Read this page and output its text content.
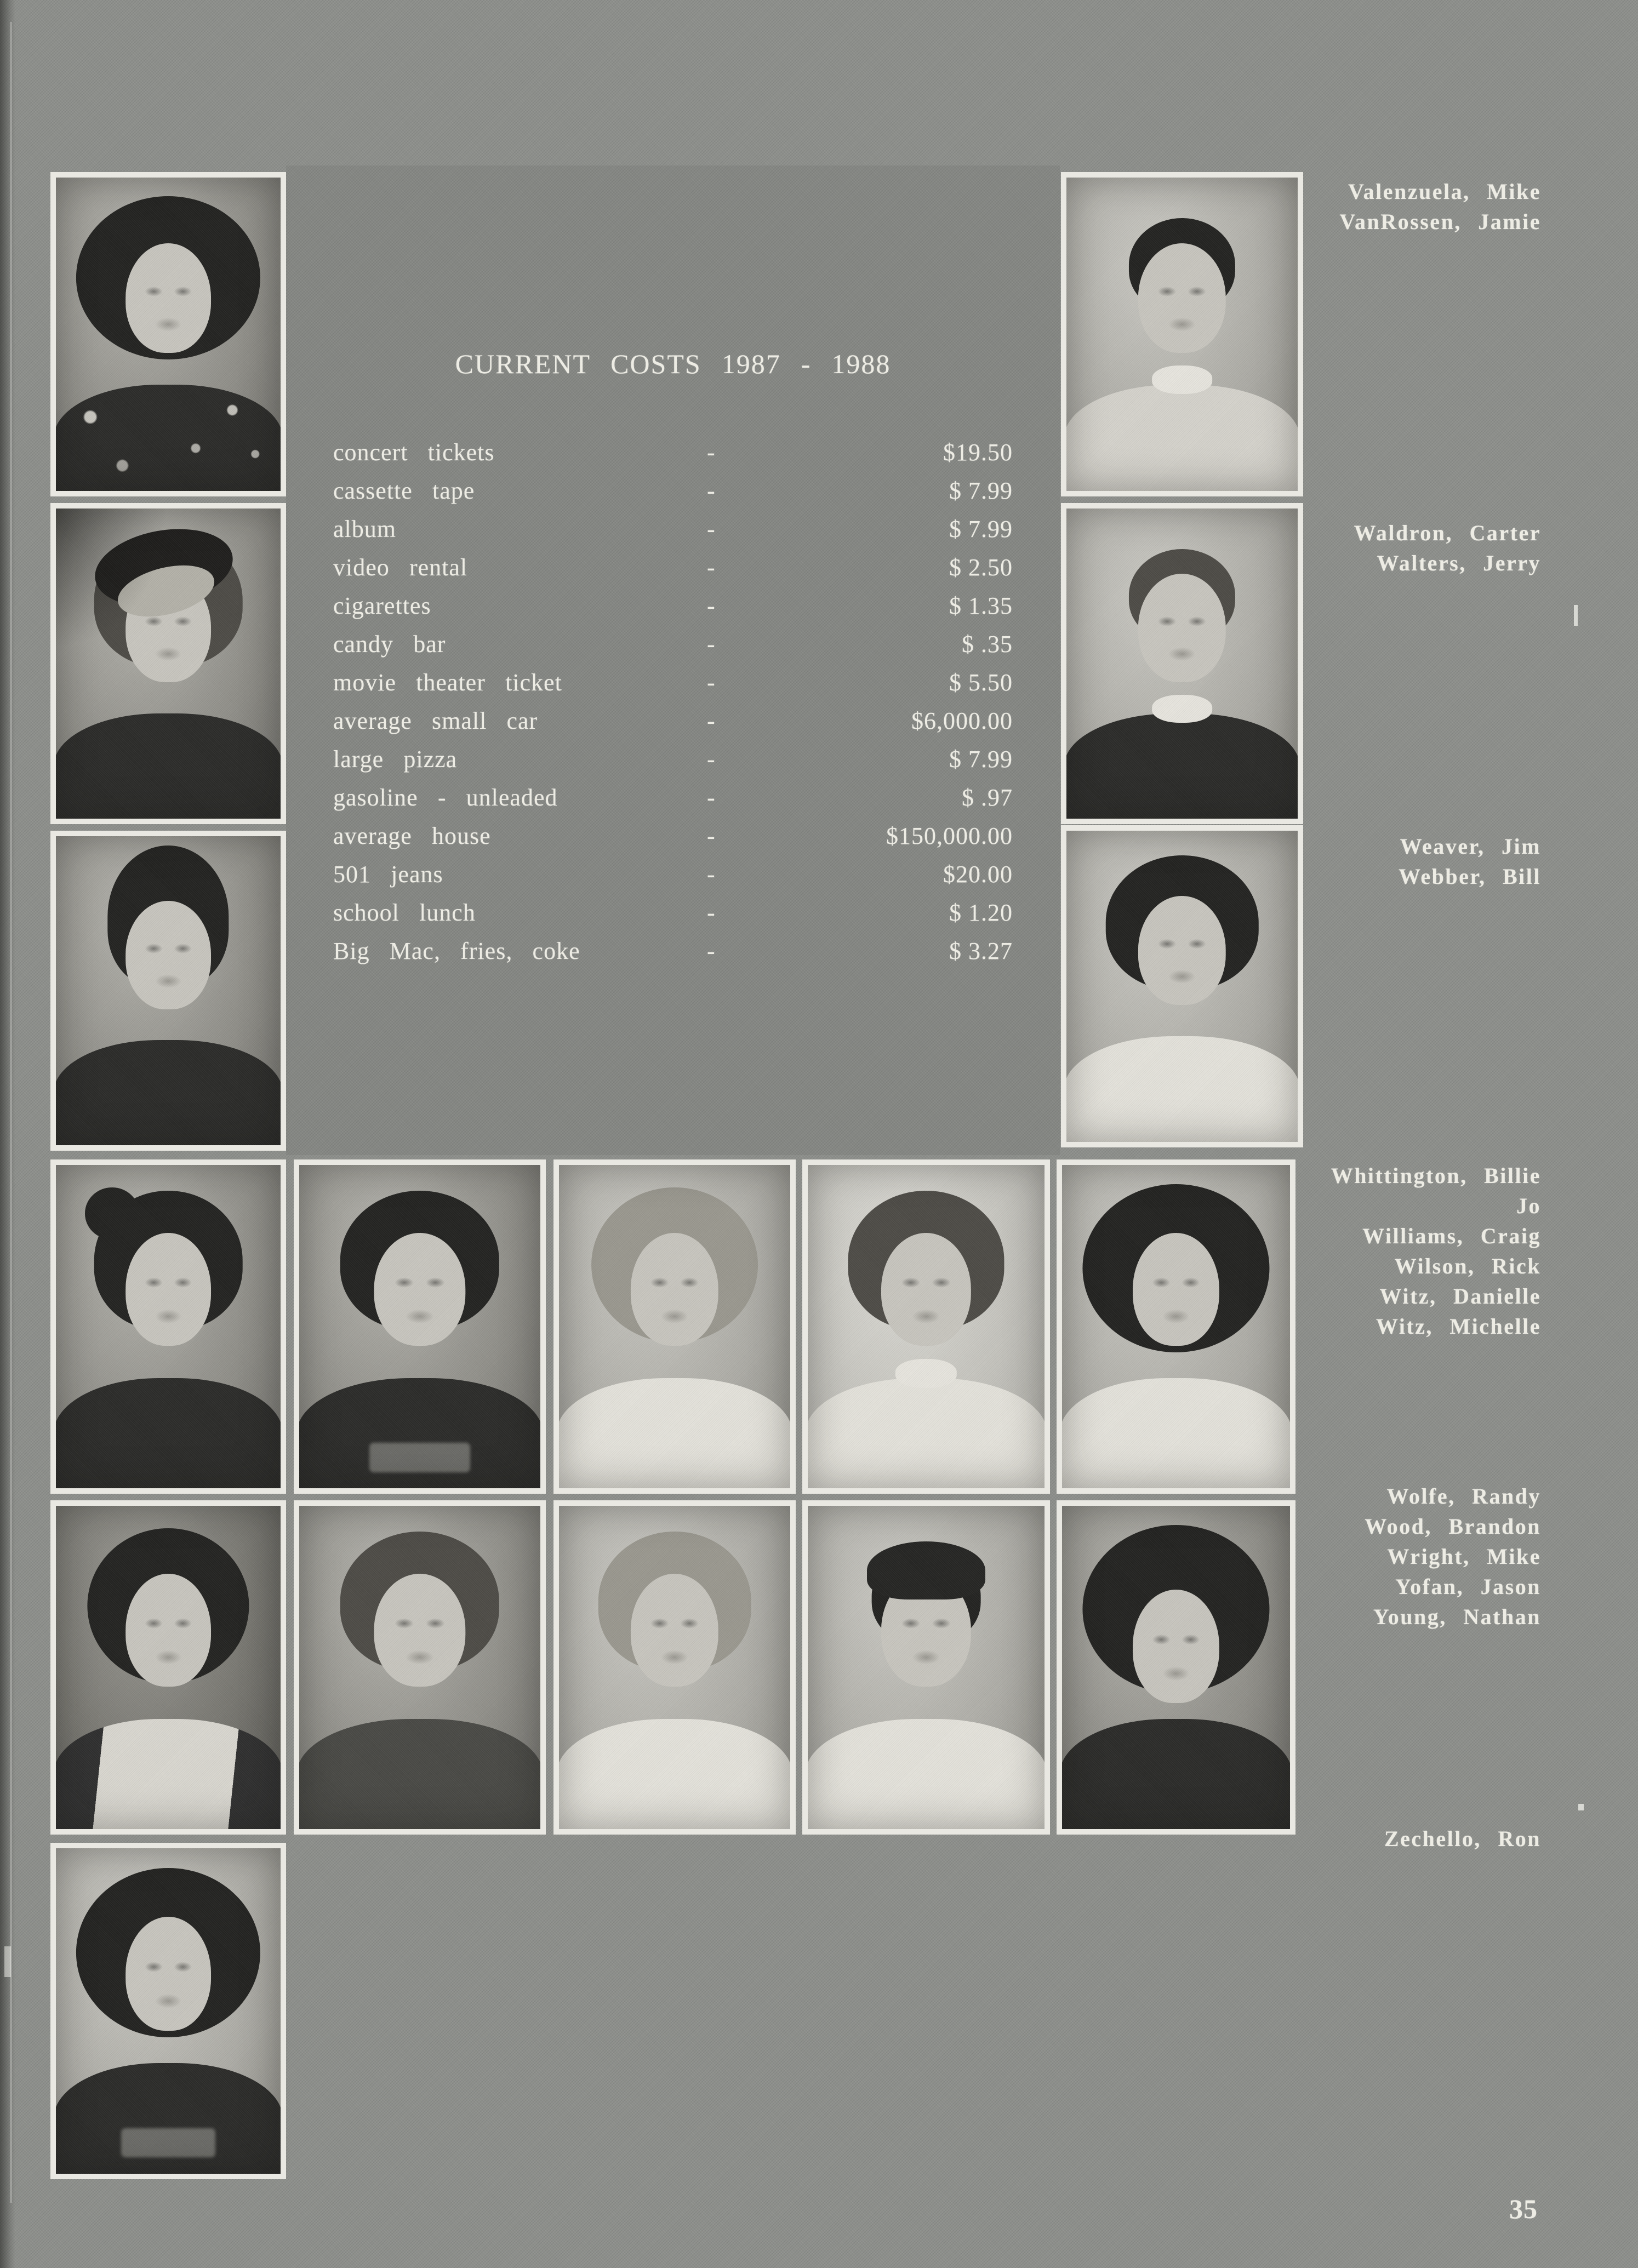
CURRENT COSTS 1987 - 1988
concert tickets	-	$19.50
cassette tape	-	$ 7.99
album	-	$ 7.99
video rental	-	$ 2.50
cigarettes	-	$ 1.35
candy bar	-	$ .35
movie theater ticket	-	$ 5.50
average small car	-	$6,000.00
large pizza	-	$ 7.99
gasoline - unleaded	-	$ .97
average house	-	$150,000.00
501 jeans	-	$20.00
school lunch	-	$ 1.20
Big Mac, fries, coke	-	$ 3.27
Valenzuela, Mike
VanRossen, Jamie
Waldron, Carter
Walters, Jerry
Weaver, Jim
Webber, Bill
Whittington, Billie
Jo
Williams, Craig
Wilson, Rick
Witz, Danielle
Witz, Michelle
Wolfe, Randy
Wood, Brandon
Wright, Mike
Yofan, Jason
Young, Nathan
Zechello, Ron
35
